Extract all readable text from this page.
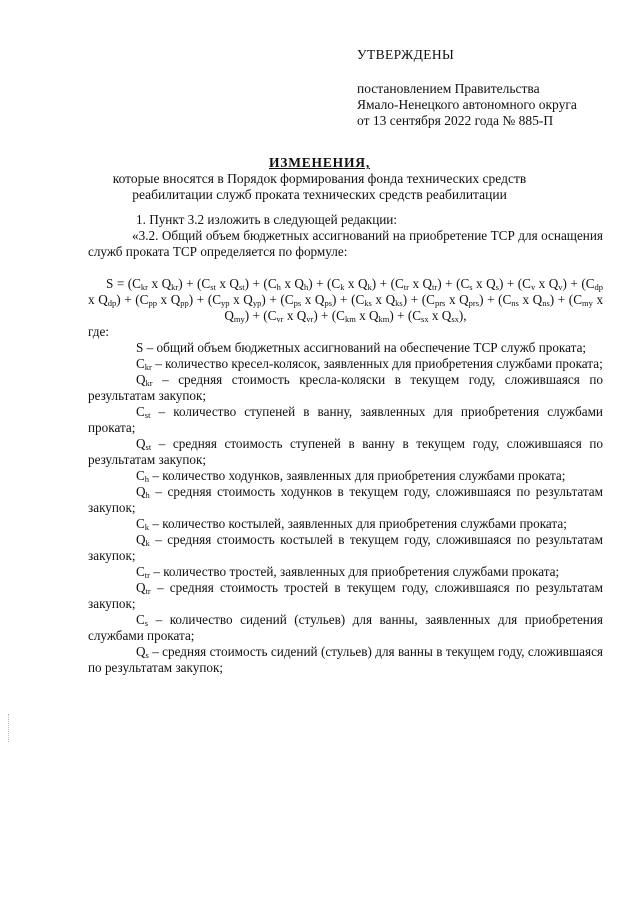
УТВЕРЖДЕНЫ
постановлением Правительства
Ямало-Ненецкого автономного округа
от 13 сентября 2022 года № 885-П
ИЗМЕНЕНИЯ,
которые вносятся в Порядок формирования фонда технических средств
реабилитации служб проката технических средств реабилитации
1. Пункт 3.2 изложить в следующей редакции:
«3.2. Общий объем бюджетных ассигнований на приобретение ТСР для оснащения служб проката ТСР определяется по формуле:
$S = (C_{kr}$ x $Q_{kr}) + (C_{st}$ x $Q_{st}) + (C_h$ x $Q_h) + (C_k$ x $Q_k) + (C_{tr}$ x $Q_{tr}) + (C_s$ x $Q_s) + (C_v$ x $Q_v) + (C_{dp}$ x $Q_{dp}) + (C_{pp}$ x $Q_{pp}) + (C_{yp}$ x $Q_{yp}) + (C_{ps}$ x $Q_{ps}) + (C_{ks}$ x $Q_{ks}) + (C_{prs}$ x $Q_{prs}) + (C_{ns}$ x $Q_{ns}) + (C_{my}$ x $Q_{my}) + (C_{vr}$ x $Q_{vr}) + (C_{km}$ x $Q_{km}) + (C_{sx}$ x $Q_{sx}$),
где:
S – общий объем бюджетных ассигнований на обеспечение ТСР служб проката;
$C_{kr}$ – количество кресел-колясок, заявленных для приобретения службами проката;
$Q_{kr}$ – средняя стоимость кресла-коляски в текущем году, сложившаяся по результатам закупок;
$C_{st}$ – количество ступеней в ванну, заявленных для приобретения службами проката;
$Q_{st}$ – средняя стоимость ступеней в ванну в текущем году, сложившаяся по результатам закупок;
$C_h$ – количество ходунков, заявленных для приобретения службами проката;
$Q_h$ – средняя стоимость ходунков в текущем году, сложившаяся по результатам закупок;
$C_k$ – количество костылей, заявленных для приобретения службами проката;
$Q_k$ – средняя стоимость костылей в текущем году, сложившаяся по результатам закупок;
$C_{tr}$ – количество тростей, заявленных для приобретения службами проката;
$Q_{tr}$ – средняя стоимость тростей в текущем году, сложившаяся по результатам закупок;
$C_s$ – количество сидений (стульев) для ванны, заявленных для приобретения службами проката;
$Q_s$ – средняя стоимость сидений (стульев) для ванны в текущем году, сложившаяся по результатам закупок;
